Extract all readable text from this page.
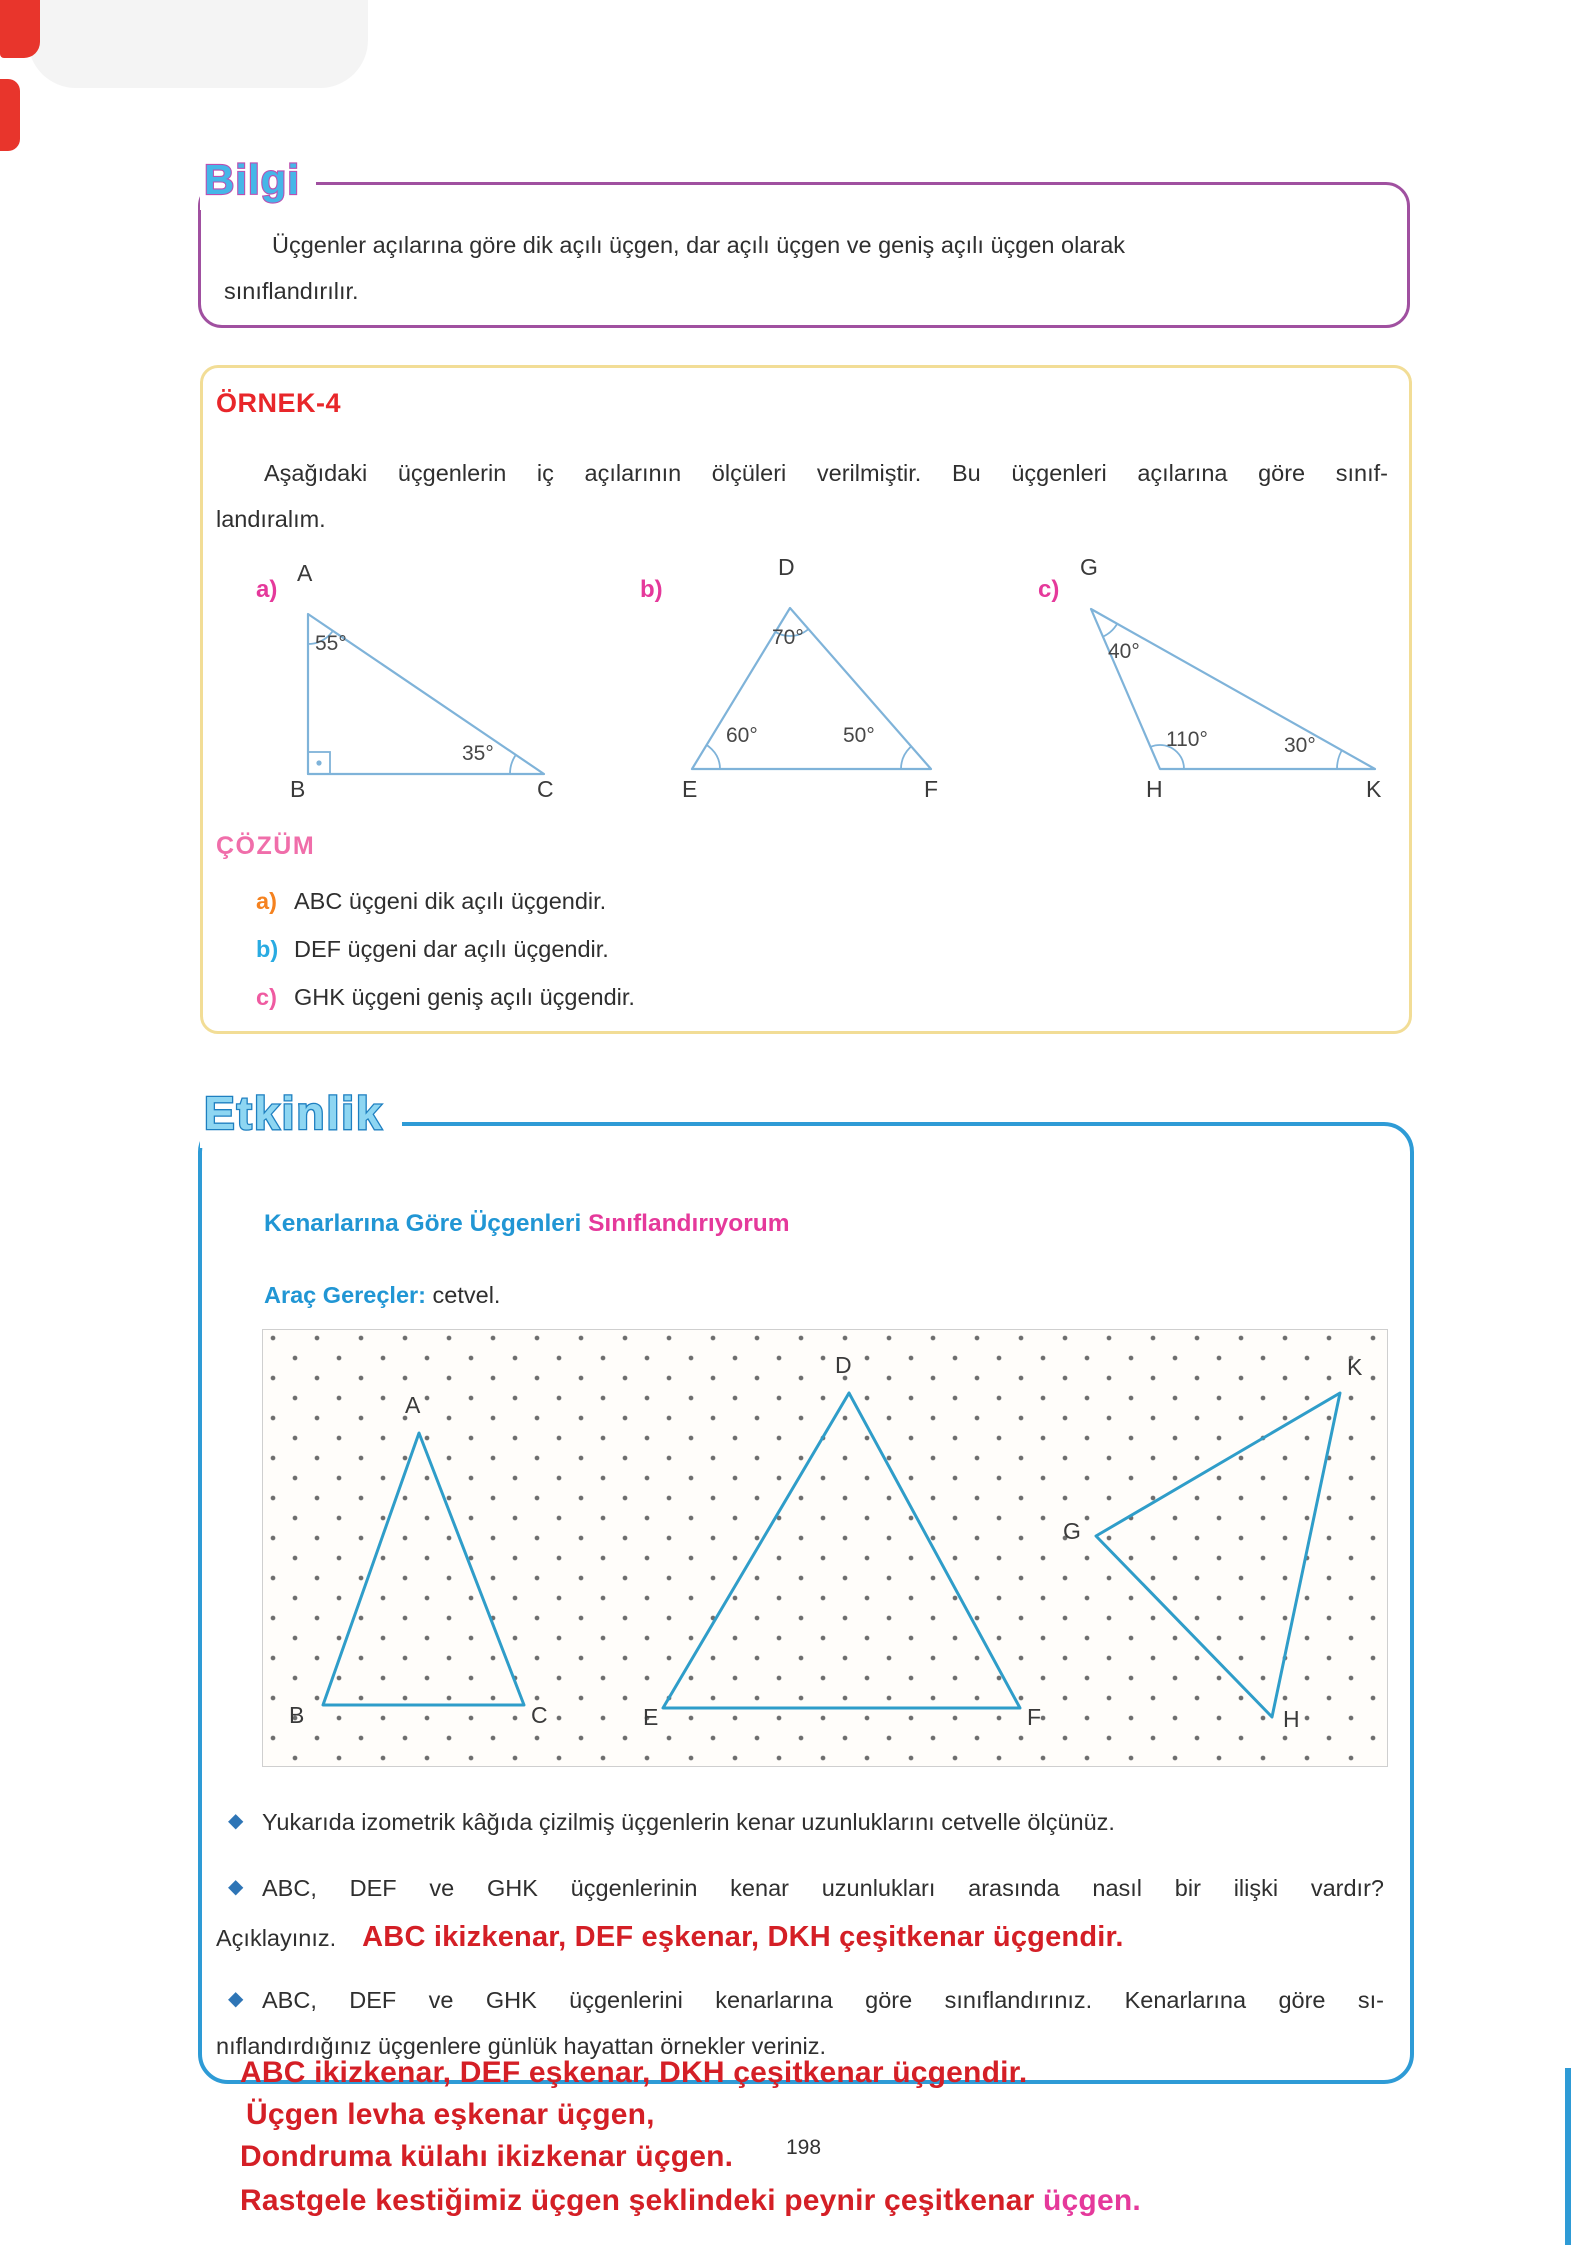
Bilgi
Üçgenler açılarına göre dik açılı üçgen, dar açılı üçgen ve geniş açılı üçgen olarak
sınıflandırılır.
ÖRNEK-4
Aşağıdaki üçgenlerin iç açılarının ölçüleri verilmiştir. Bu üçgenleri açılarına göre sınıf-
landıralım.
a)
A
55°
35°
B	C
b)
D
70°
60°	50°
E	F
c)
G
40°
110°	30°
H	K
ÇÖZÜM
a) ABC üçgeni dik açılı üçgendir.
b) DEF üçgeni dar açılı üçgendir.
c) GHK üçgeni geniş açılı üçgendir.
Etkinlik
Kenarlarına Göre Üçgenleri Sınıflandırıyorum
Araç Gereçler: cetvel.
A
B	C
D
E	F
K
G
H
◆ Yukarıda izometrik kâğıda çizilmiş üçgenlerin kenar uzunluklarını cetvelle ölçünüz.
◆ ABC, DEF ve GHK üçgenlerinin kenar uzunlukları arasında nasıl bir ilişki vardır?
Açıklayınız. ABC ikizkenar, DEF eşkenar, DKH çeşitkenar üçgendir.
◆ ABC, DEF ve GHK üçgenlerini kenarlarına göre sınıflandırınız. Kenarlarına göre sı-
nıflandırdığınız üçgenlere günlük hayattan örnekler veriniz.
ABC ikizkenar, DEF eşkenar, DKH çeşitkenar üçgendir.
Üçgen levha eşkenar üçgen,
Dondruma külahı ikizkenar üçgen.
Rastgele kestiğimiz üçgen şeklindeki peynir çeşitkenar üçgen.
198
